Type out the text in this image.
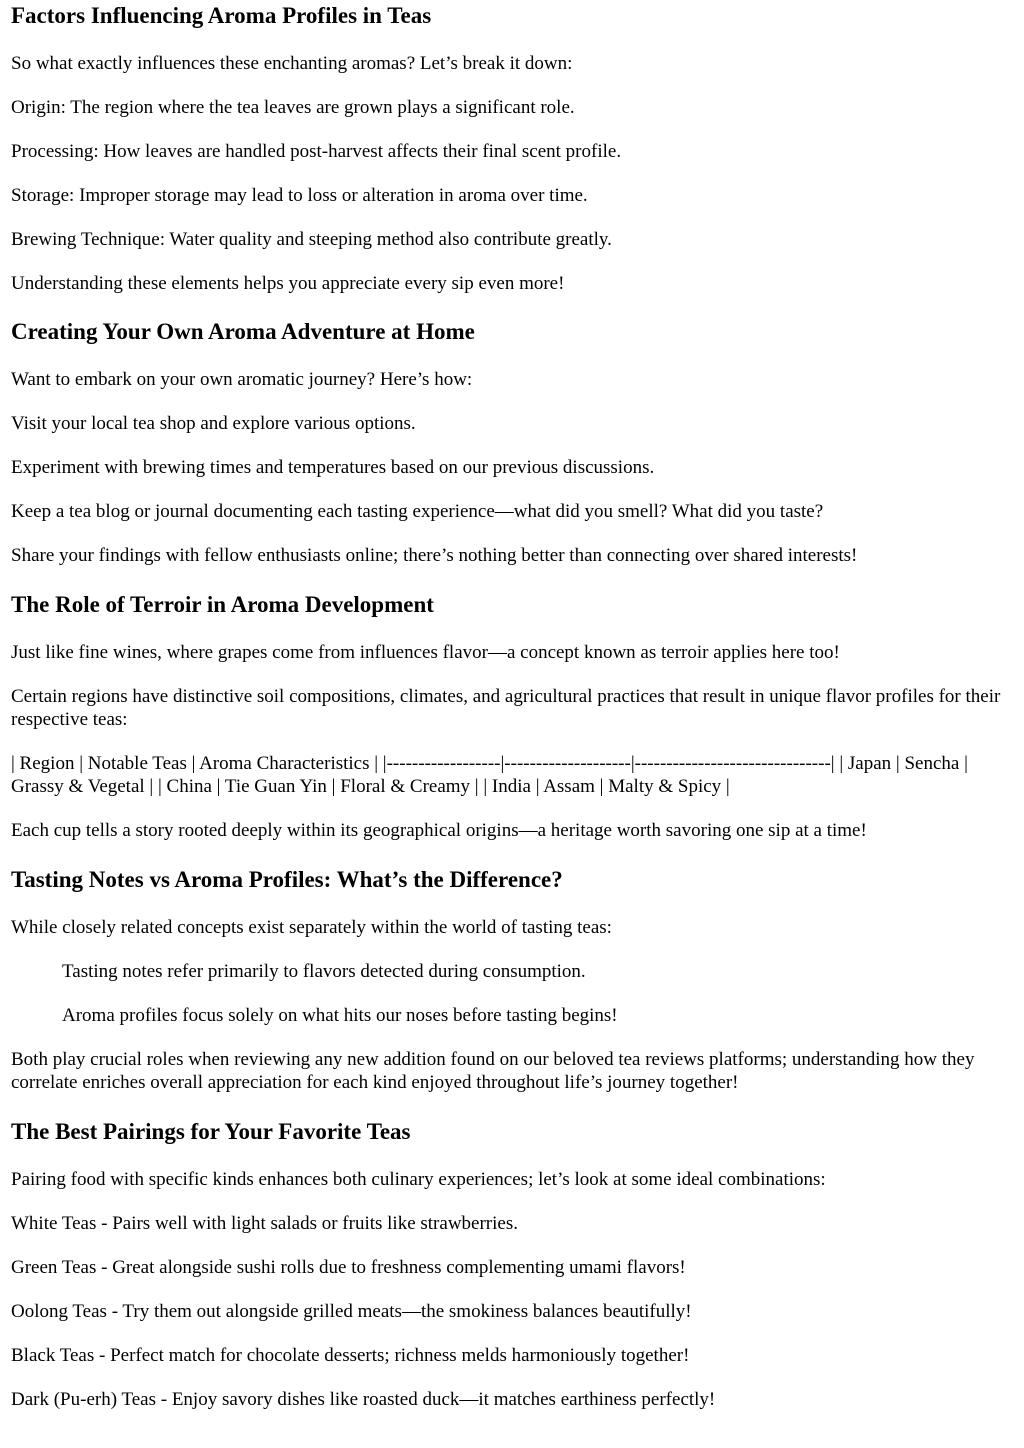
Factors Influencing Aroma Profiles in Teas

So what exactly influences these enchanting aromas? Let’s break it down:

Origin: The region where the tea leaves are grown plays a significant role.

Processing: How leaves are handled post-harvest affects their final scent profile.

Storage: Improper storage may lead to loss or alteration in aroma over time.

Brewing Technique: Water quality and steeping method also contribute greatly.

Understanding these elements helps you appreciate every sip even more!

Creating Your Own Aroma Adventure at Home

Want to embark on your own aromatic journey? Here’s how:

Visit your local tea shop and explore various options.

Experiment with brewing times and temperatures based on our previous discussions.

Keep a tea blog or journal documenting each tasting experience—what did you smell? What did you taste?

Share your findings with fellow enthusiasts online; there’s nothing better than connecting over shared interests!

The Role of Terroir in Aroma Development

Just like fine wines, where grapes come from influences flavor—a concept known as terroir applies here too!

Certain regions have distinctive soil compositions, climates, and agricultural practices that result in unique flavor profiles for their respective teas:

| Region | Notable Teas | Aroma Characteristics | |------------------|--------------------|-------------------------------| | Japan | Sencha | Grassy & Vegetal | | China | Tie Guan Yin | Floral & Creamy | | India | Assam | Malty & Spicy |

Each cup tells a story rooted deeply within its geographical origins—a heritage worth savoring one sip at a time!

Tasting Notes vs Aroma Profiles: What’s the Difference?

While closely related concepts exist separately within the world of tasting teas:

Tasting notes refer primarily to flavors detected during consumption.

Aroma profiles focus solely on what hits our noses before tasting begins!

Both play crucial roles when reviewing any new addition found on our beloved tea reviews platforms; understanding how they correlate enriches overall appreciation for each kind enjoyed throughout life’s journey together!

The Best Pairings for Your Favorite Teas

Pairing food with specific kinds enhances both culinary experiences; let’s look at some ideal combinations:

White Teas - Pairs well with light salads or fruits like strawberries.

Green Teas - Great alongside sushi rolls due to freshness complementing umami flavors!

Oolong Teas - Try them out alongside grilled meats—the smokiness balances beautifully!

Black Teas - Perfect match for chocolate desserts; richness melds harmoniously together!

Dark (Pu-erh) Teas - Enjoy savory dishes like roasted duck—it matches earthiness perfectly!
